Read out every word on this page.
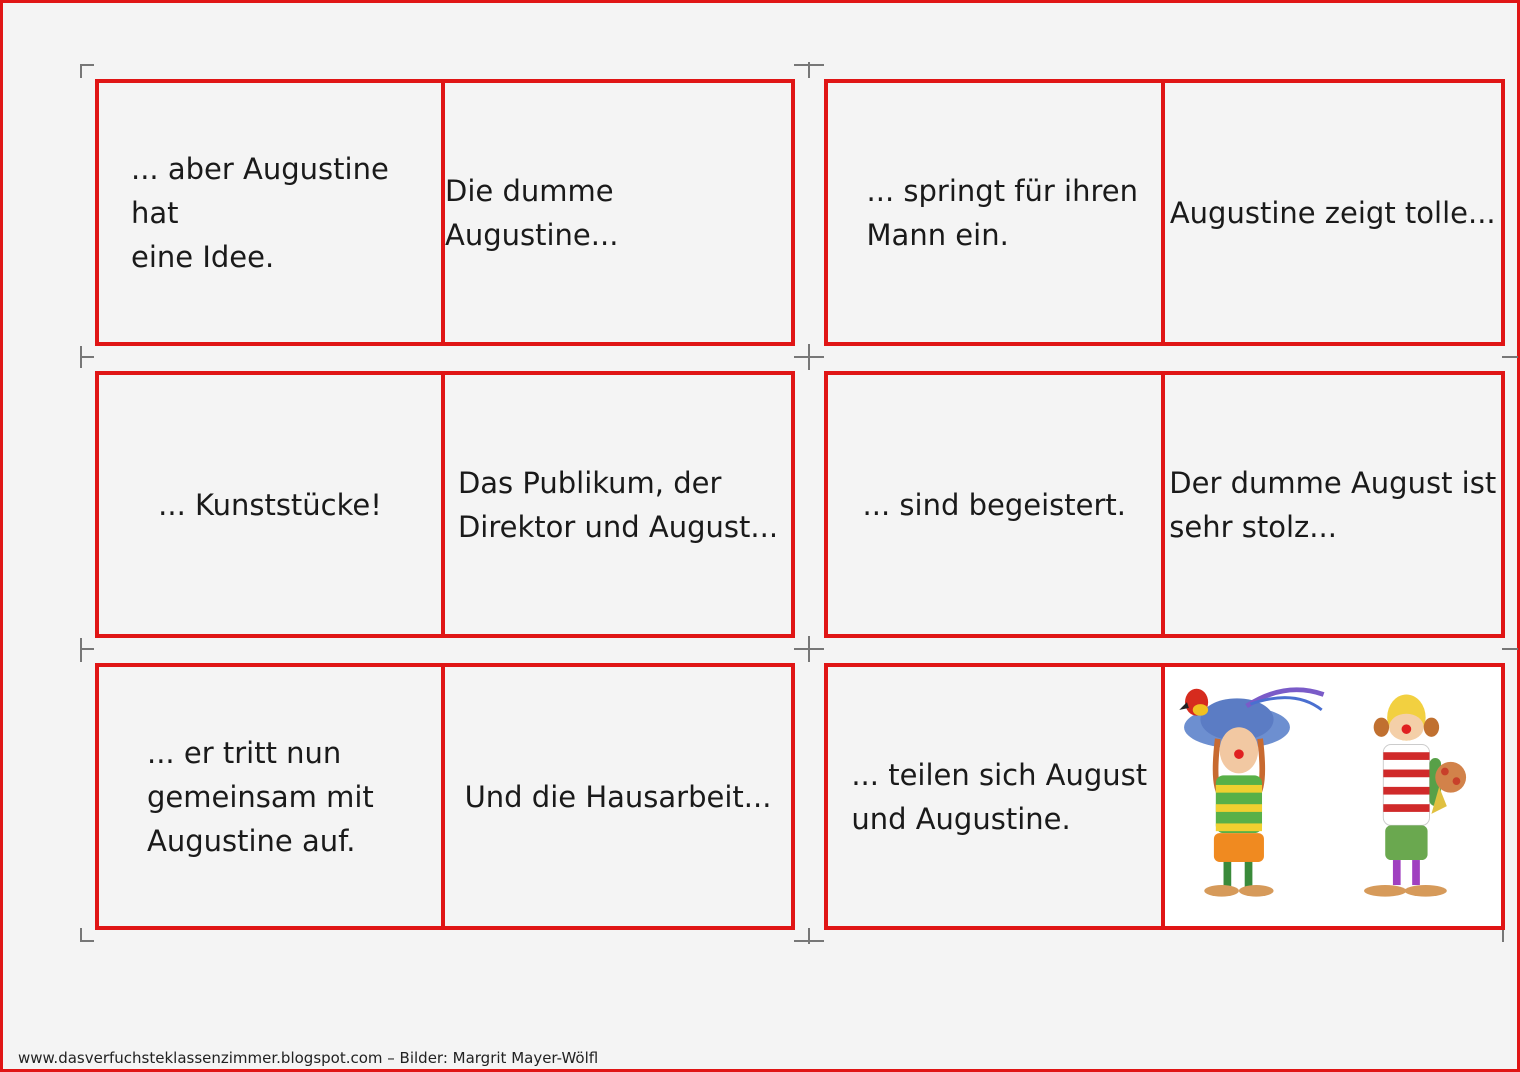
... aber Augustine hat
eine Idee.
Die dumme Augustine...
... springt für ihren
Mann ein.
Augustine zeigt tolle...
... Kunststücke!
Das Publikum, der
Direktor und August...
... sind begeistert.
Der dumme August ist
sehr stolz...
... er tritt nun
gemeinsam mit
Augustine auf.
Und die Hausarbeit...
... teilen sich August
und Augustine.
www.dasverfuchsteklassenzimmer.blogspot.com – Bilder: Margrit Mayer-Wölfl
